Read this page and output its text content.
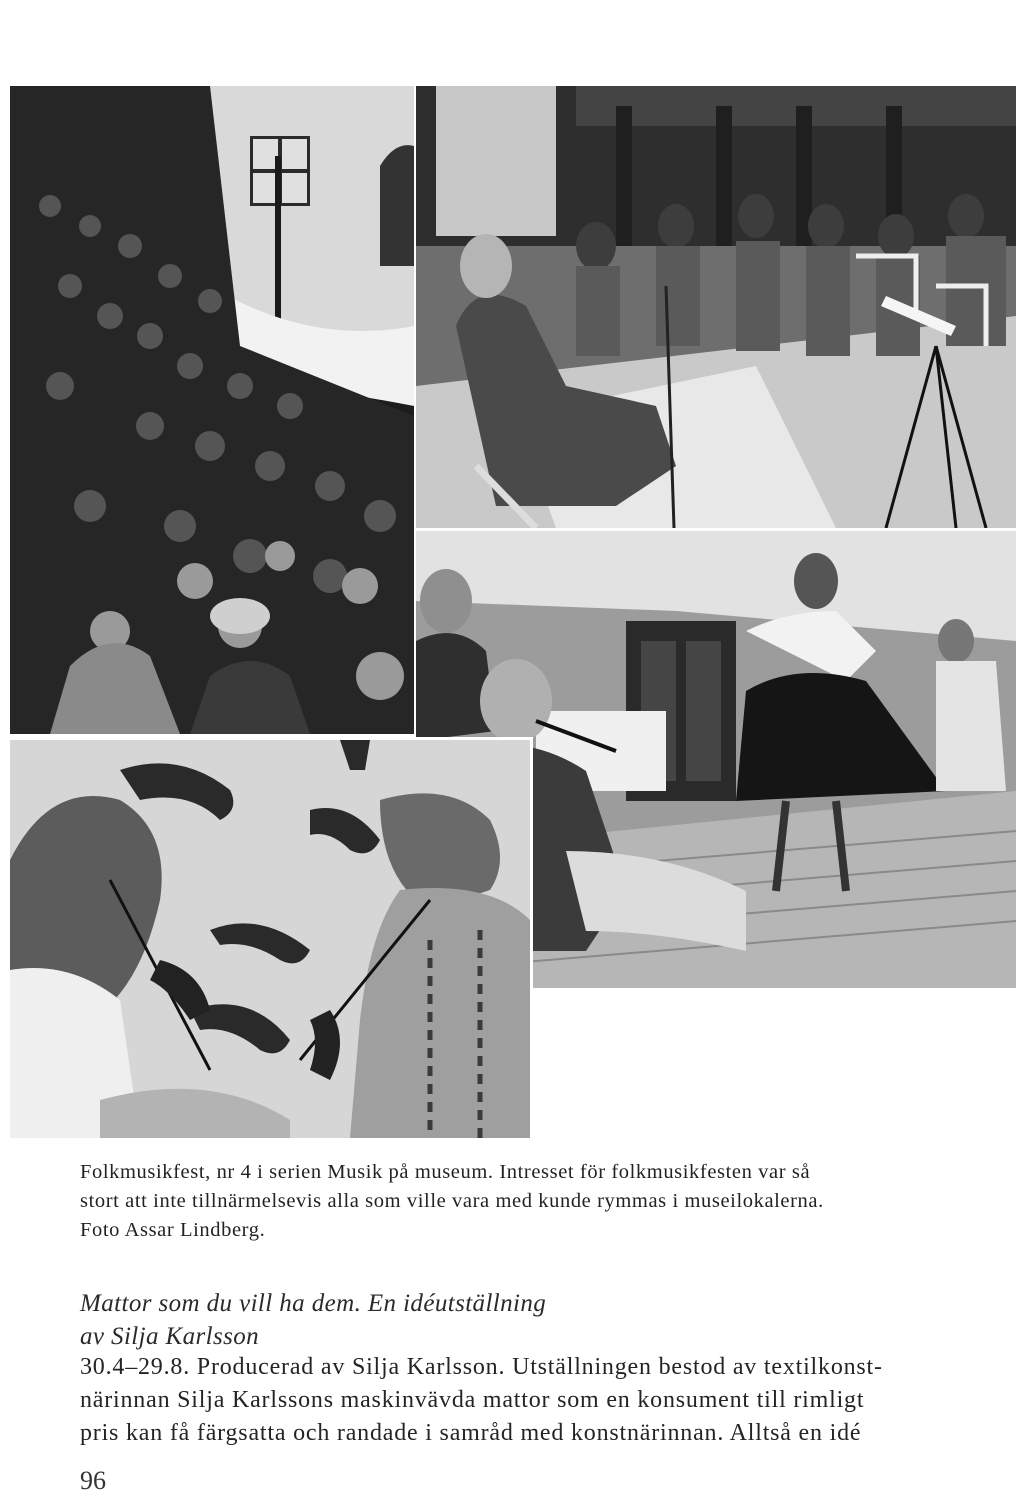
Folkmusikfest, nr 4 i serien Musik på museum. Intresset för folkmusikfesten var så

stort att inte tillnärmelsevis alla som ville vara med kunde rymmas i museilokalerna.

Foto Assar Lindberg.

Mattor som du vill ha dem. En idéutställning

av Silja Karlsson

30.4–29.8. Producerad av Silja Karlsson. Utställningen bestod av textilkonst-

närinnan Silja Karlssons maskinvävda mattor som en konsument till rimligt

pris kan få färgsatta och randade i samråd med konstnärinnan. Alltså en idé

96
